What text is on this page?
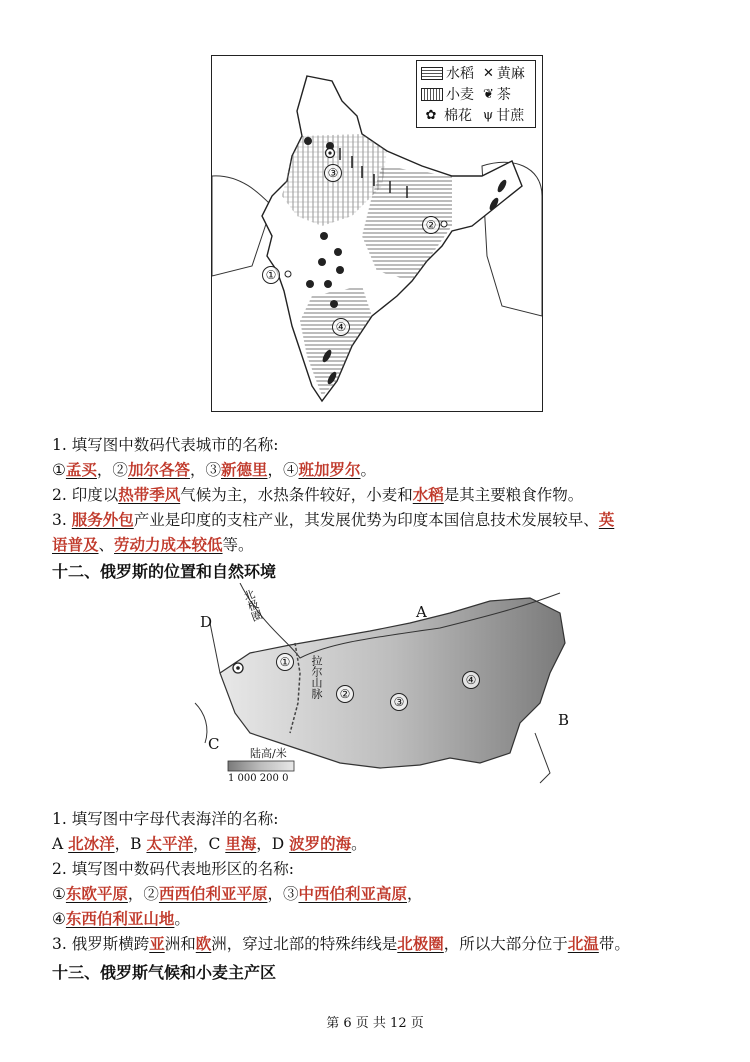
水稻
小麦
✿ 棉花
✕ 黄麻
❦ 茶
ψ 甘蔗
①
②
③
④
1. 填写图中数码代表城市的名称:
①孟买，②加尔各答，③新德里，④班加罗尔。
2. 印度以热带季风气候为主，水热条件较好，小麦和水稻是其主要粮食作物。
3. 服务外包产业是印度的支柱产业，其发展优势为印度本国信息技术发展较早、英
语普及、劳动力成本较低等。
十二、俄罗斯的位置和自然环境
A
B
C
D
①
②
③
④
北极圈
拉尔山脉
陆高/米
1 000 200 0
1. 填写图中字母代表海洋的名称:
A 北冰洋，B 太平洋，C 里海，D 波罗的海。
2. 填写图中数码代表地形区的名称:
①东欧平原，②西西伯利亚平原，③中西伯利亚高原，
④东西伯利亚山地。
3. 俄罗斯横跨亚洲和欧洲，穿过北部的特殊纬线是北极圈，所以大部分位于北温带。
十三、俄罗斯气候和小麦主产区
第 6 页 共 12 页
